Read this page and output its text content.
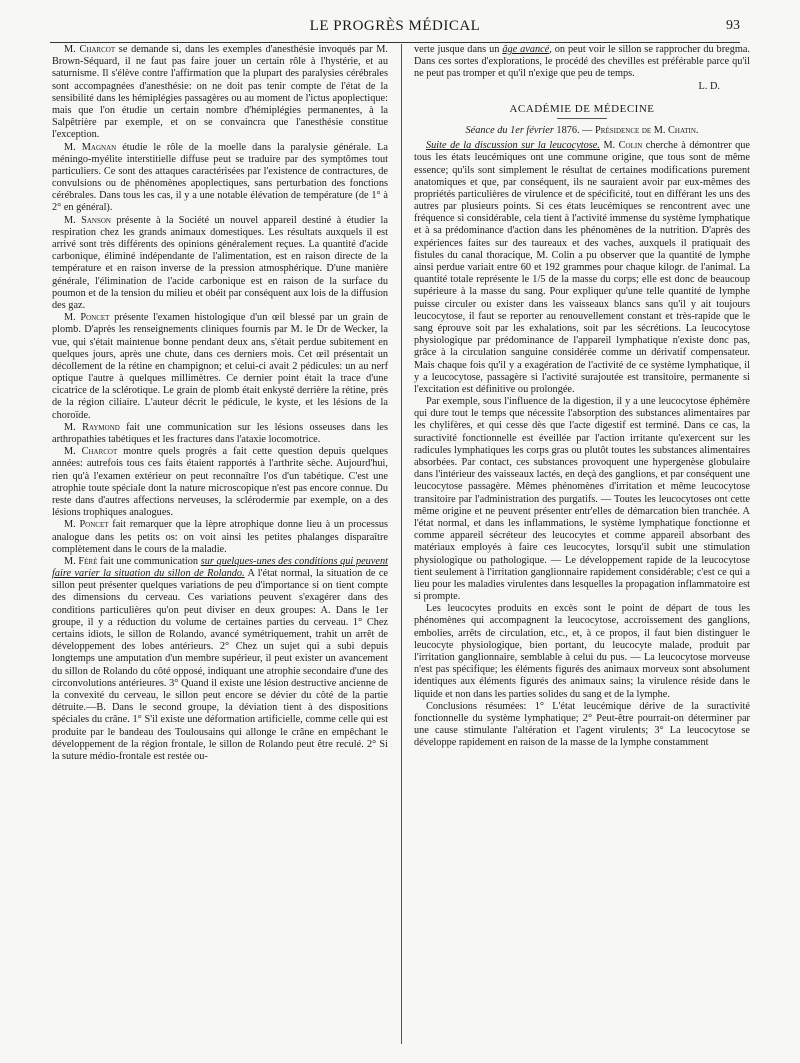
LE PROGRÈS MÉDICAL	93

M. Charcot se demande si, dans les exemples d'anesthésie invoqués par M. Brown-Séquard, il ne faut pas faire jouer un certain rôle à l'hystérie, et au saturnisme. Il s'élève contre l'affirmation que la plupart des paralysies cérébrales sont accompagnées d'anesthésie: on ne doit pas tenir compte de l'état de la sensibilité dans les hémiplégies passagères ou au moment de l'ictus apoplectique: mais que l'on étudie un certain nombre d'hémiplégies permanentes, à la Salpêtrière par exemple, et on se convaincra que l'anesthésie constitue l'exception.

M. Magnan étudie le rôle de la moelle dans la paralysie générale. La méningo-myélite interstitielle diffuse peut se traduire par des symptômes tout particuliers. Ce sont des attaques caractérisées par l'existence de contractures, de convulsions ou de phénomènes apoplectiques, sans perturbation des fonctions cérébrales. Dans tous les cas, il y a une notable élévation de température (de 1° à 2° en général).

M. Sanson présente à la Société un nouvel appareil destiné à étudier la respiration chez les grands animaux domestiques. Les résultats auxquels il est arrivé sont très différents des opinions généralement reçues. La quantité d'acide carbonique, éliminé indépendante de l'alimentation, est en raison directe de la température et en raison inverse de la pression atmosphérique. D'une manière générale, l'élimination de l'acide carbonique est en raison de la surface du poumon et de la tension du milieu et obéit par conséquent aux lois de la diffusion des gaz.

M. Poncet présente l'examen histologique d'un œil blessé par un grain de plomb. D'après les renseignements cliniques fournis par M. le Dr de Wecker, la vue, qui s'était maintenue bonne pendant deux ans, s'était perdue subitement en quelques jours, après une chute, dans ces derniers mois. Cet œil présentait un décollement de la rétine en champignon; et celui-ci avait 2 pédicules: un au nerf optique l'autre à quelques millimètres. Ce dernier point était la trace d'une cicatrice de la sclérotique. Le grain de plomb était enkysté derrière la rétine, près de la région ciliaire. L'auteur décrit le pédicule, le kyste, et les lésions de la choroïde.

M. Raymond fait une communication sur les lésions osseuses dans les arthropathies tabétiques et les fractures dans l'ataxie locomotrice.

M. Charcot montre quels progrès a fait cette question depuis quelques années: autrefois tous ces faits étaient rapportés à l'arthrite sèche. Aujourd'hui, rien qu'à l'examen extérieur on peut reconnaître l'os d'un tabétique. C'est une atrophie toute spéciale dont la nature microscopique n'est pas encore connue. Du reste dans d'autres affections nerveuses, la sclérodermie par exemple, on a des lésions trophiques analogues.

M. Poncet fait remarquer que la lèpre atrophique donne lieu à un processus analogue dans les petits os: on voit ainsi les petites phalanges disparaître complètement dans le cours de la maladie.

M. Féré fait une communication sur quelques-unes des conditions qui peuvent faire varier la situation du sillon de Rolando. A l'état normal, la situation de ce sillon peut présenter quelques variations de peu d'importance si on tient compte des dimensions du cerveau. Ces variations peuvent s'exagérer dans des conditions particulières qu'on peut diviser en deux groupes: A. Dans le 1er groupe, il y a réduction du volume de certaines parties du cerveau. 1° Chez certains idiots, le sillon de Rolando, avancé symétriquement, trahit un arrêt de développement des lobes antérieurs. 2° Chez un sujet qui a subi depuis longtemps une amputation d'un membre supérieur, il peut exister un avancement du sillon de Rolando du côté opposé, indiquant une atrophie secondaire d'une des circonvolutions antérieures. 3° Quand il existe une lésion destructive ancienne de la convexité du cerveau, le sillon peut encore se dévier du côté de la partie détruite.—B. Dans le second groupe, la déviation tient à des dispositions spéciales du crâne. 1° S'il existe une déformation artificielle, comme celle qui est produite par le bandeau des Toulousains qui allonge le crâne en empêchant le développement de la région frontale, le sillon de Rolando peut être reculé. 2° Si la suture médio-frontale est restée ou-

verte jusque dans un âge avancé, on peut voir le sillon se rapprocher du bregma. Dans ces sortes d'explorations, le procédé des chevilles est préférable parce qu'il ne peut pas tromper et qu'il n'exige que peu de temps.

L. D.
ACADÉMIE DE MÉDECINE
Séance du 1er février 1876. — Présidence de M. Chatin.

Suite de la discussion sur la leucocytose. M. Colin cherche à démontrer que tous les états leucémiques ont une commune origine, que tous sont de même essence; qu'ils sont simplement le résultat de certaines modifications purement anatomiques et que, par conséquent, ils ne sauraient avoir par eux-mêmes des propriétés particulières de virulence et de spécificité, tout en différant les uns des autres par plusieurs points. Si ces états leucémiques se rencontrent avec une fréquence si considérable, cela tient à l'activité immense du système lymphatique et à sa prédominance d'action dans les phénomènes de la nutrition. D'après des expériences faites sur des taureaux et des vaches, auxquels il pratiquait des fistules du canal thoracique, M. Colin a pu observer que la quantité de lymphe ainsi perdue variait entre 60 et 192 grammes pour chaque kilogr. de l'animal. La quantité totale représente le 1/5 de la masse du corps; elle est donc de beaucoup supérieure à la masse du sang. Pour expliquer qu'une telle quantité de lymphe puisse circuler ou exister dans les vaisseaux blancs sans qu'il y ait toujours leucocytose, il faut se reporter au renouvellement constant et très-rapide que le sang éprouve soit par les exhalations, soit par les sécrétions. La leucocytose physiologique par prédominance de l'appareil lymphatique n'existe donc pas, grâce à la circulation sanguine considérée comme un dérivatif compensateur. Mais chaque fois qu'il y a exagération de l'activité de ce système lymphatique, il y a leucocytose, passagère si l'activité surajoutée est transitoire, permanente si l'excitation est définitive ou prolongée.

Par exemple, sous l'influence de la digestion, il y a une leucocytose éphémère qui dure tout le temps que nécessite l'absorption des substances alimentaires par les chylifères, et qui cesse dès que l'acte digestif est terminé. Dans ce cas, la suractivité fonctionnelle est éveillée par l'action irritante qu'exercent sur les radicules lymphatiques les corps gras ou plutôt toutes les substances alimentaires absorbées. Par contact, ces substances provoquent une hypergenèse globulaire dans l'intérieur des vaisseaux lactés, en deçà des ganglions, et par conséquent une leucocytose passagère. Mêmes phénomènes d'irritation et même leucocytose transitoire par l'administration des purgatifs. — Toutes les leucocytoses ont cette même origine et ne peuvent présenter entr'elles de démarcation bien tranchée. A l'état normal, et dans les inflammations, le système lymphatique fonctionne et comme appareil sécréteur des leucocytes et comme appareil absorbant des matériaux employés à faire ces leucocytes, lorsqu'il subit une stimulation physiologique ou pathologique. — Le développement rapide de la leucocytose tient seulement à l'irritation ganglionnaire rapidement considérable; c'est ce qui a lieu pour les maladies virulentes dans lesquelles la propagation inflammatoire est si prompte.

Les leucocytes produits en excès sont le point de départ de tous les phénomènes qui accompagnent la leucocytose, accroissement des ganglions, embolies, arrêts de circulation, etc., et, à ce propos, il faut bien distinguer le leucocyte physiologique, bien portant, du leucocyte malade, produit par l'irritation ganglionnaire, semblable à celui du pus. — La leucocytose morveuse n'est pas spécifique; les éléments figurés des animaux morveux sont absolument identiques aux éléments figurés des animaux sains; la virulence réside dans le liquide et non dans les parties solides du sang et de la lymphe.

Conclusions résumées: 1° L'état leucémique dérive de la suractivité fonctionnelle du système lymphatique; 2° Peut-être pourrait-on déterminer par une cause stimulante l'altération et l'agent virulents; 3° La leucocytose se développe rapidement en raison de la masse de la lymphe constamment
